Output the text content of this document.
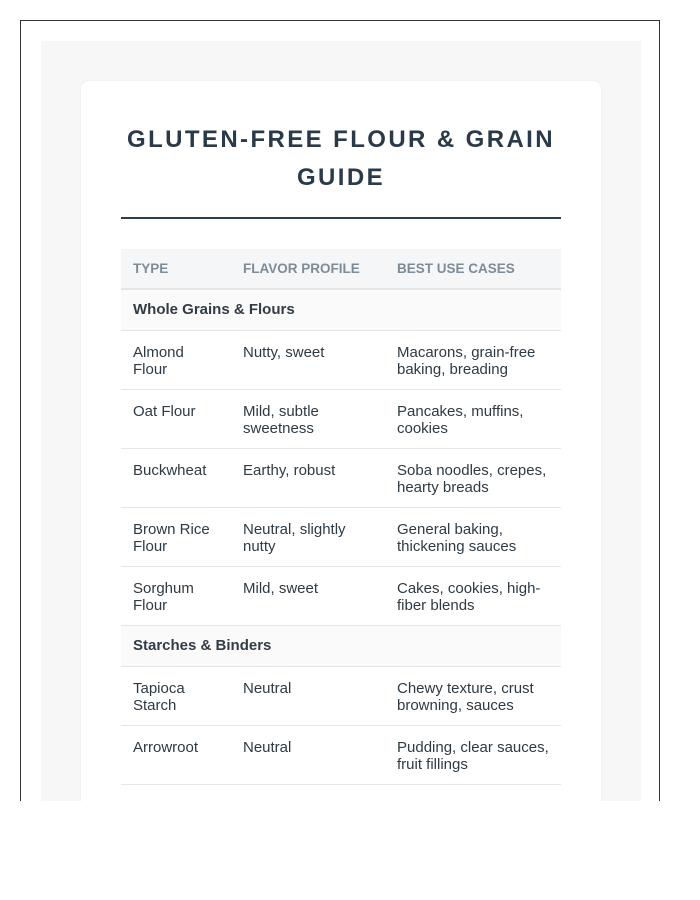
GLUTEN-FREE FLOUR & GRAIN GUIDE
TYPE	FLAVOR PROFILE	BEST USE CASES
Whole Grains & Flours		
Almond Flour	Nutty, sweet	Macarons, grain-free baking, breading
Oat Flour	Mild, subtle sweetness	Pancakes, muffins, cookies
Buckwheat	Earthy, robust	Soba noodles, crepes, hearty breads
Brown Rice Flour	Neutral, slightly nutty	General baking, thickening sauces
Sorghum Flour	Mild, sweet	Cakes, cookies, high-fiber blends
Starches & Binders		
Tapioca Starch	Neutral	Chewy texture, crust browning, sauces
Arrowroot	Neutral	Pudding, clear sauces, fruit fillings
